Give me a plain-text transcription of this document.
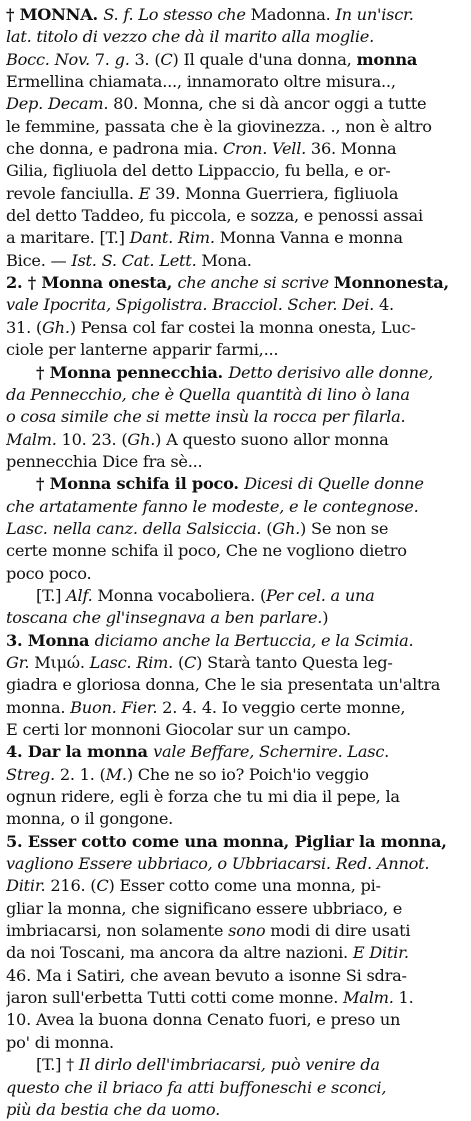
† MONNA. S. f. Lo stesso che Madonna. In un'iscr.
lat. titolo di vezzo che dà il marito alla moglie.
Bocc. Nov. 7. g. 3. (C) Il quale d'una donna, monna
Ermellina chiamata..., innamorato oltre misura..,
Dep. Decam. 80. Monna, che si dà ancor oggi a tutte
le femmine, passata che è la giovinezza. ., non è altro
che donna, e padrona mia. Cron. Vell. 36. Monna
Gilia, figliuola del detto Lippaccio, fu bella, e or-
revole fanciulla. E 39. Monna Guerriera, figliuola
del detto Taddeo, fu piccola, e sozza, e penossi assai
a maritare. [T.] Dant. Rim. Monna Vanna e monna
Bice. — Ist. S. Cat. Lett. Mona.
2. † Monna onesta, che anche si scrive Monnonesta,
vale Ipocrita, Spigolistra. Bracciol. Scher. Dei. 4.
31. (Gh.) Pensa col far costei la monna onesta, Luc-
ciole per lanterne apparir farmi,...
† Monna pennecchia. Detto derisivo alle donne,
da Pennecchio, che è Quella quantità di lino ò lana
o cosa simile che si mette insù la rocca per filarla.
Malm. 10. 23. (Gh.) A questo suono allor monna
pennecchia Dice fra sè...
† Monna schifa il poco. Dicesi di Quelle donne
che artatamente fanno le modeste, e le contegnose.
Lasc. nella canz. della Salsiccia. (Gh.) Se non se
certe monne schifa il poco, Che ne vogliono dietro
poco poco.
[T.] Alf. Monna vocaboliera. (Per cel. a una
toscana che gl'insegnava a ben parlare.)
3. Monna diciamo anche la Bertuccia, e la Scimia.
Gr. Μιμώ. Lasc. Rim. (C) Starà tanto Questa leg-
giadra e gloriosa donna, Che le sia presentata un'altra
monna. Buon. Fier. 2. 4. 4. Io veggio certe monne,
E certi lor monnoni Giocolar sur un campo.
4. Dar la monna vale Beffare, Schernire. Lasc.
Streg. 2. 1. (M.) Che ne so io? Poich'io veggio
ognun ridere, egli è forza che tu mi dia il pepe, la
monna, o il gongone.
5. Esser cotto come una monna, Pigliar la monna,
vagliono Essere ubbriaco, o Ubbriacarsi. Red. Annot.
Ditir. 216. (C) Esser cotto come una monna, pi-
gliar la monna, che significano essere ubbriaco, e
imbriacarsi, non solamente sono modi di dire usati
da noi Toscani, ma ancora da altre nazioni. E Ditir.
46. Ma i Satiri, che avean bevuto a isonne Si sdra-
jaron sull'erbetta Tutti cotti come monne. Malm. 1.
10. Avea la buona donna Cenato fuori, e preso un
po' di monna.
[T.] † Il dirlo dell'imbriacarsi, può venire da
questo che il briaco fa atti buffoneschi e sconci,
più da bestia che da uomo.
